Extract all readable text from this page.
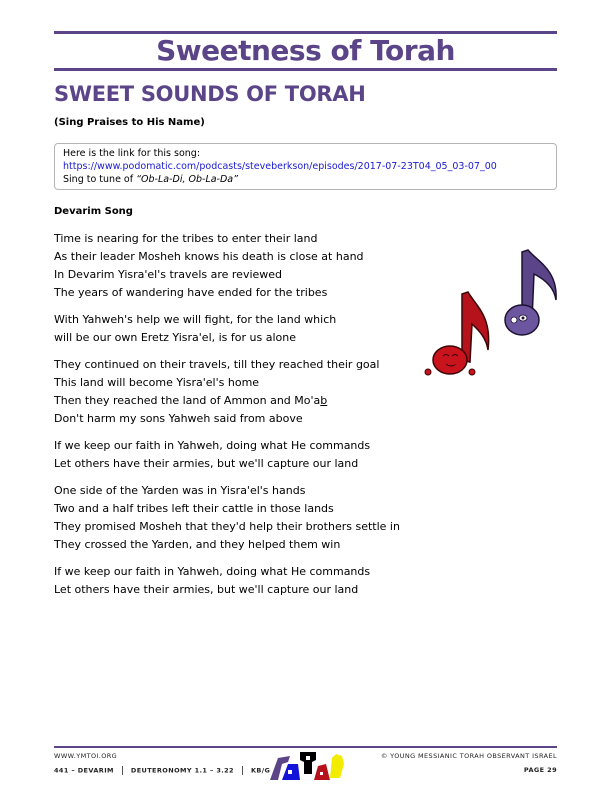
Sweetness of Torah
SWEET SOUNDS OF TORAH
(Sing Praises to His Name)
Here is the link for this song:
https://www.podomatic.com/podcasts/steveberkson/episodes/2017-07-23T04_05_03-07_00
Sing to tune of “Ob-La-Di, Ob-La-Da”
Devarim Song
Time is nearing for the tribes to enter their land
As their leader Mosheh knows his death is close at hand
In Devarim Yisra'el's travels are reviewed
The years of wandering have ended for the tribes
With Yahweh's help we will fight, for the land which
will be our own Eretz Yisra'el, is for us alone
They continued on their travels, till they reached their goal
This land will become Yisra'el's home
Then they reached the land of Ammon and Mo'ab
Don't harm my sons Yahweh said from above
If we keep our faith in Yahweh, doing what He commands
Let others have their armies, but we'll capture our land
One side of the Yarden was in Yisra'el's hands
Two and a half tribes left their cattle in those lands
They promised Mosheh that they'd help their brothers settle in
They crossed the Yarden, and they helped them win
If we keep our faith in Yahweh, doing what He commands
Let others have their armies, but we'll capture our land
WWW.YMTOI.ORG
441 – DEVARIM	DEUTERONOMY 1.1 – 3.22	KB/G
© YOUNG MESSIANIC TORAH OBSERVANT ISRAEL
PAGE 29
